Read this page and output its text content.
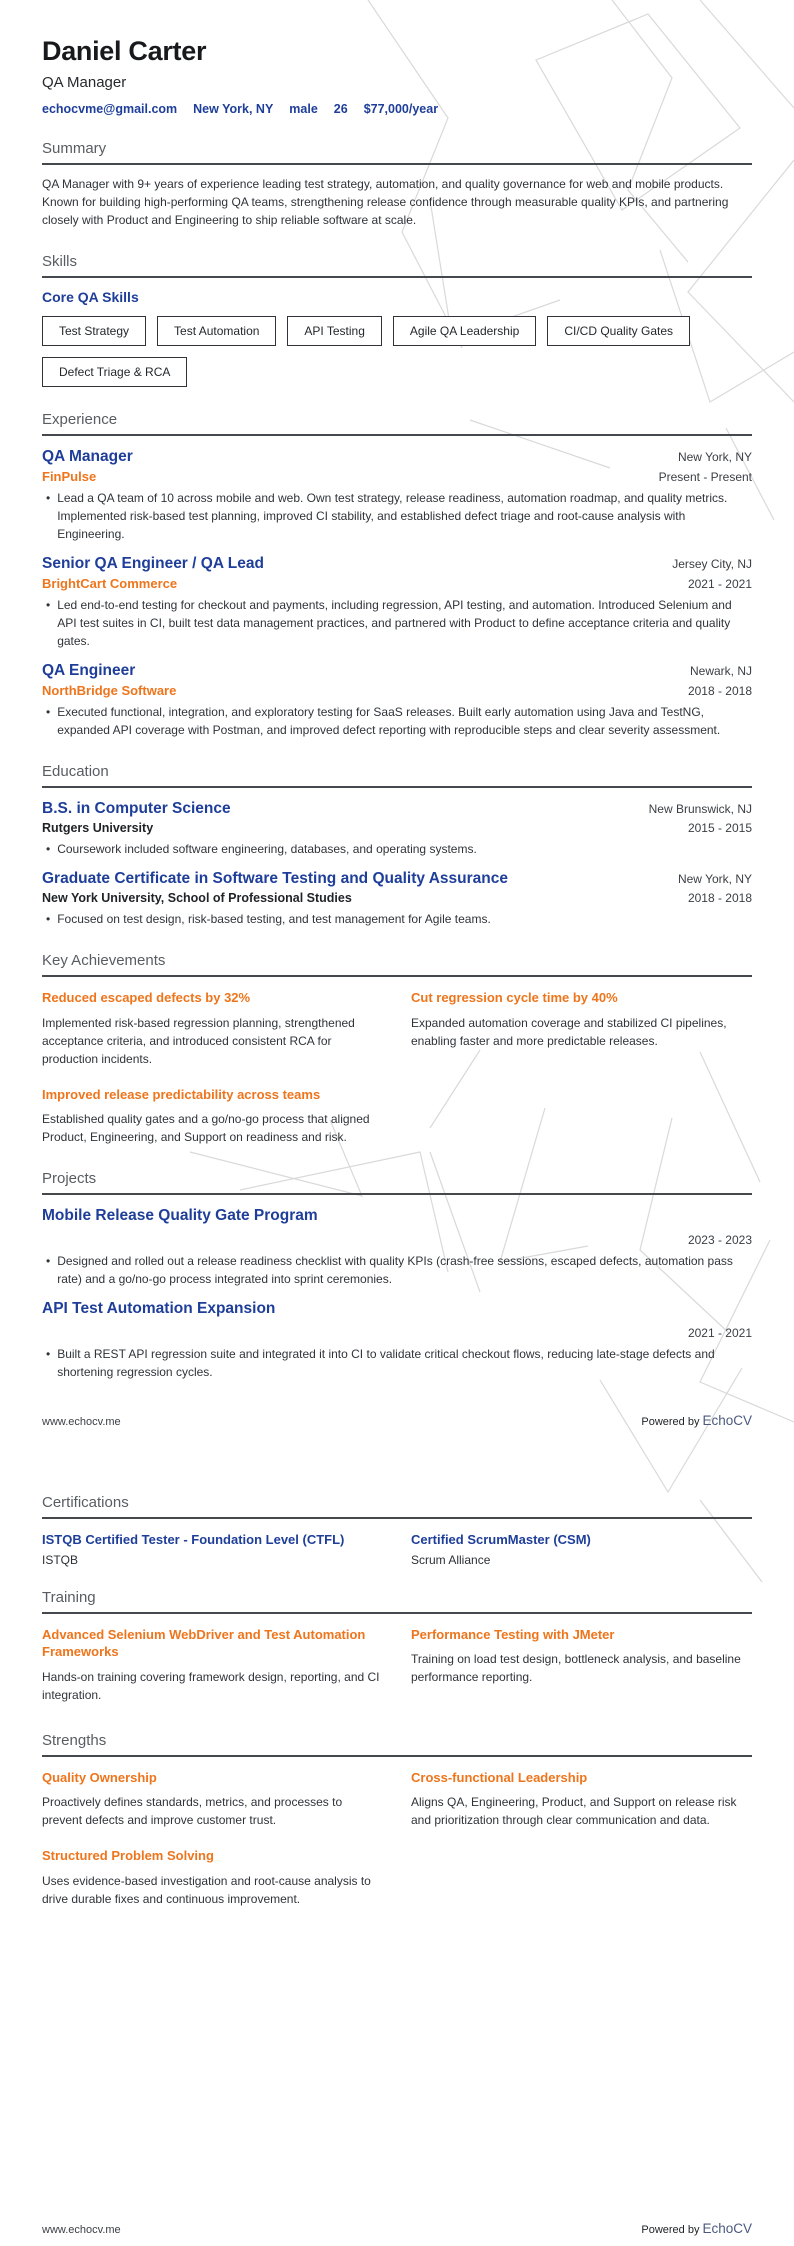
Daniel Carter
QA Manager
echocvme@gmail.com New York, NY male 26 $77,000/year
Summary

QA Manager with 9+ years of experience leading test strategy, automation, and quality governance for web and mobile products. Known for building high-performing QA teams, strengthening release confidence through measurable quality KPIs, and partnering closely with Product and Engineering to ship reliable software at scale.

Skills
Core QA Skills
Test Strategy	Test Automation	API Testing	Agile QA Leadership	CI/CD Quality Gates
Defect Triage & RCA
Experience
QA Manager	New York, NY
FinPulse	Present - Present
• Lead a QA team of 10 across mobile and web. Own test strategy, release readiness, automation roadmap, and quality metrics. Implemented risk-based test planning, improved CI stability, and established defect triage and root-cause analysis with Engineering.
Senior QA Engineer / QA Lead	Jersey City, NJ
BrightCart Commerce	2021 - 2021
• Led end-to-end testing for checkout and payments, including regression, API testing, and automation. Introduced Selenium and API test suites in CI, built test data management practices, and partnered with Product to define acceptance criteria and quality gates.
QA Engineer	Newark, NJ
NorthBridge Software	2018 - 2018
• Executed functional, integration, and exploratory testing for SaaS releases. Built early automation using Java and TestNG, expanded API coverage with Postman, and improved defect reporting with reproducible steps and clear severity assessment.
Education
B.S. in Computer Science	New Brunswick, NJ
Rutgers University	2015 - 2015
• Coursework included software engineering, databases, and operating systems.
Graduate Certificate in Software Testing and Quality Assurance	New York, NY
New York University, School of Professional Studies	2018 - 2018
• Focused on test design, risk-based testing, and test management for Agile teams.
Key Achievements
Reduced escaped defects by 32%
Implemented risk-based regression planning, strengthened acceptance criteria, and introduced consistent RCA for production incidents.
Cut regression cycle time by 40%
Expanded automation coverage and stabilized CI pipelines, enabling faster and more predictable releases.
Improved release predictability across teams
Established quality gates and a go/no-go process that aligned Product, Engineering, and Support on readiness and risk.
Projects
Mobile Release Quality Gate Program
2023 - 2023
• Designed and rolled out a release readiness checklist with quality KPIs (crash-free sessions, escaped defects, automation pass rate) and a go/no-go process integrated into sprint ceremonies.
API Test Automation Expansion
2021 - 2021
• Built a REST API regression suite and integrated it into CI to validate critical checkout flows, reducing late-stage defects and shortening regression cycles.
www.echocv.me	Powered by EchoCV
Certifications
ISTQB Certified Tester - Foundation Level (CTFL)
ISTQB
Certified ScrumMaster (CSM)
Scrum Alliance
Training
Advanced Selenium WebDriver and Test Automation Frameworks
Hands-on training covering framework design, reporting, and CI integration.
Performance Testing with JMeter
Training on load test design, bottleneck analysis, and baseline performance reporting.
Strengths
Quality Ownership
Proactively defines standards, metrics, and processes to prevent defects and improve customer trust.
Cross-functional Leadership
Aligns QA, Engineering, Product, and Support on release risk and prioritization through clear communication and data.
Structured Problem Solving
Uses evidence-based investigation and root-cause analysis to drive durable fixes and continuous improvement.
www.echocv.me	Powered by EchoCV
